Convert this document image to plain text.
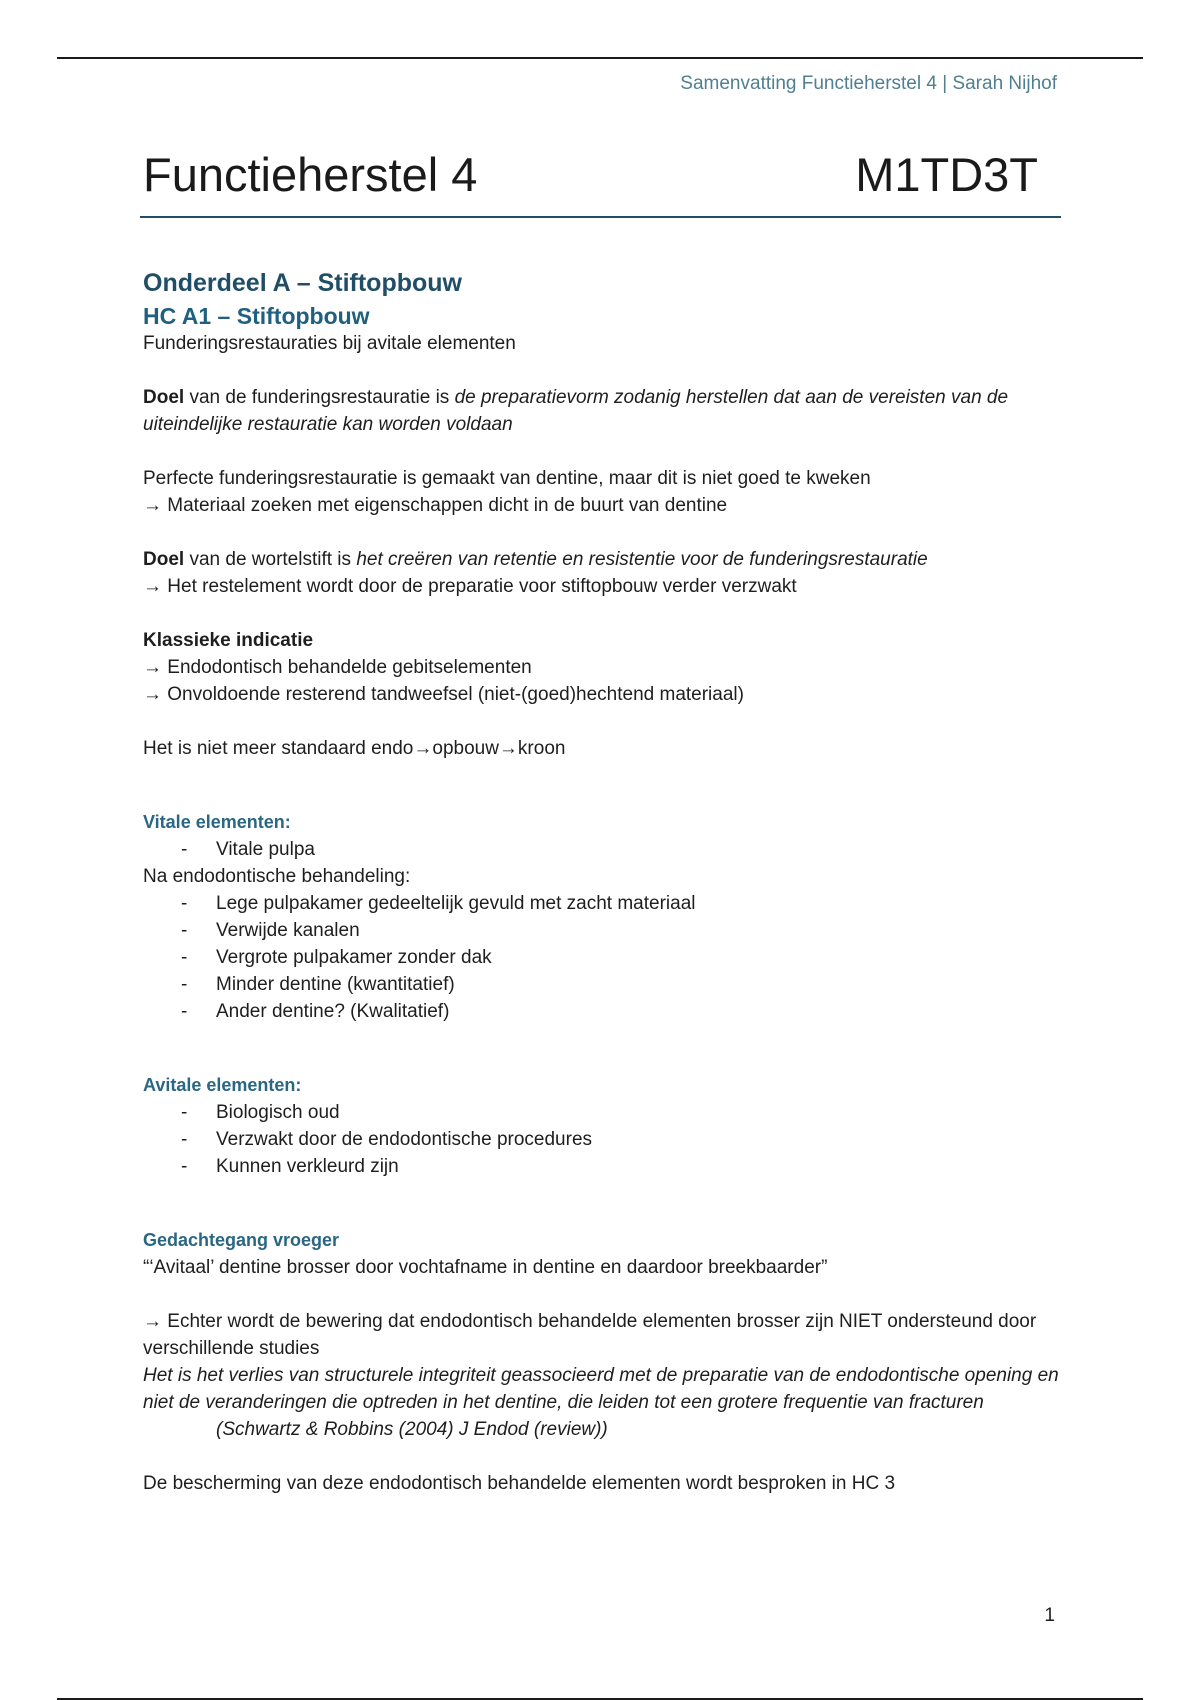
Samenvatting Functieherstel 4 | Sarah Nijhof
Functieherstel 4	M1TD3T

Onderdeel A – Stiftopbouw

HC A1 – Stiftopbouw

Funderingsrestauraties bij avitale elementen

Doel van de funderingsrestauratie is de preparatievorm zodanig herstellen dat aan de vereisten van de uiteindelijke restauratie kan worden voldaan

Perfecte funderingsrestauratie is gemaakt van dentine, maar dit is niet goed te kweken

→ Materiaal zoeken met eigenschappen dicht in de buurt van dentine

Doel van de wortelstift is het creëren van retentie en resistentie voor de funderingsrestauratie

→ Het restelement wordt door de preparatie voor stiftopbouw verder verzwakt

Klassieke indicatie

→ Endodontisch behandelde gebitselementen

→ Onvoldoende resterend tandweefsel (niet-(goed)hechtend materiaal)

Het is niet meer standaard endo→opbouw→kroon

Vitale elementen:

- Vitale pulpa

Na endodontische behandeling:

- Lege pulpakamer gedeeltelijk gevuld met zacht materiaal
- Verwijde kanalen
- Vergrote pulpakamer zonder dak
- Minder dentine (kwantitatief)
- Ander dentine? (Kwalitatief)

Avitale elementen:

- Biologisch oud
- Verzwakt door de endodontische procedures
- Kunnen verkleurd zijn

Gedachtegang vroeger

“‘Avitaal’ dentine brosser door vochtafname in dentine en daardoor breekbaarder”

→ Echter wordt de bewering dat endodontisch behandelde elementen brosser zijn NIET ondersteund door verschillende studies

Het is het verlies van structurele integriteit geassocieerd met de preparatie van de endodontische opening en niet de veranderingen die optreden in het dentine, die leiden tot een grotere frequentie van fracturen

(Schwartz & Robbins (2004) J Endod (review))

De bescherming van deze endodontisch behandelde elementen wordt besproken in HC 3

1
